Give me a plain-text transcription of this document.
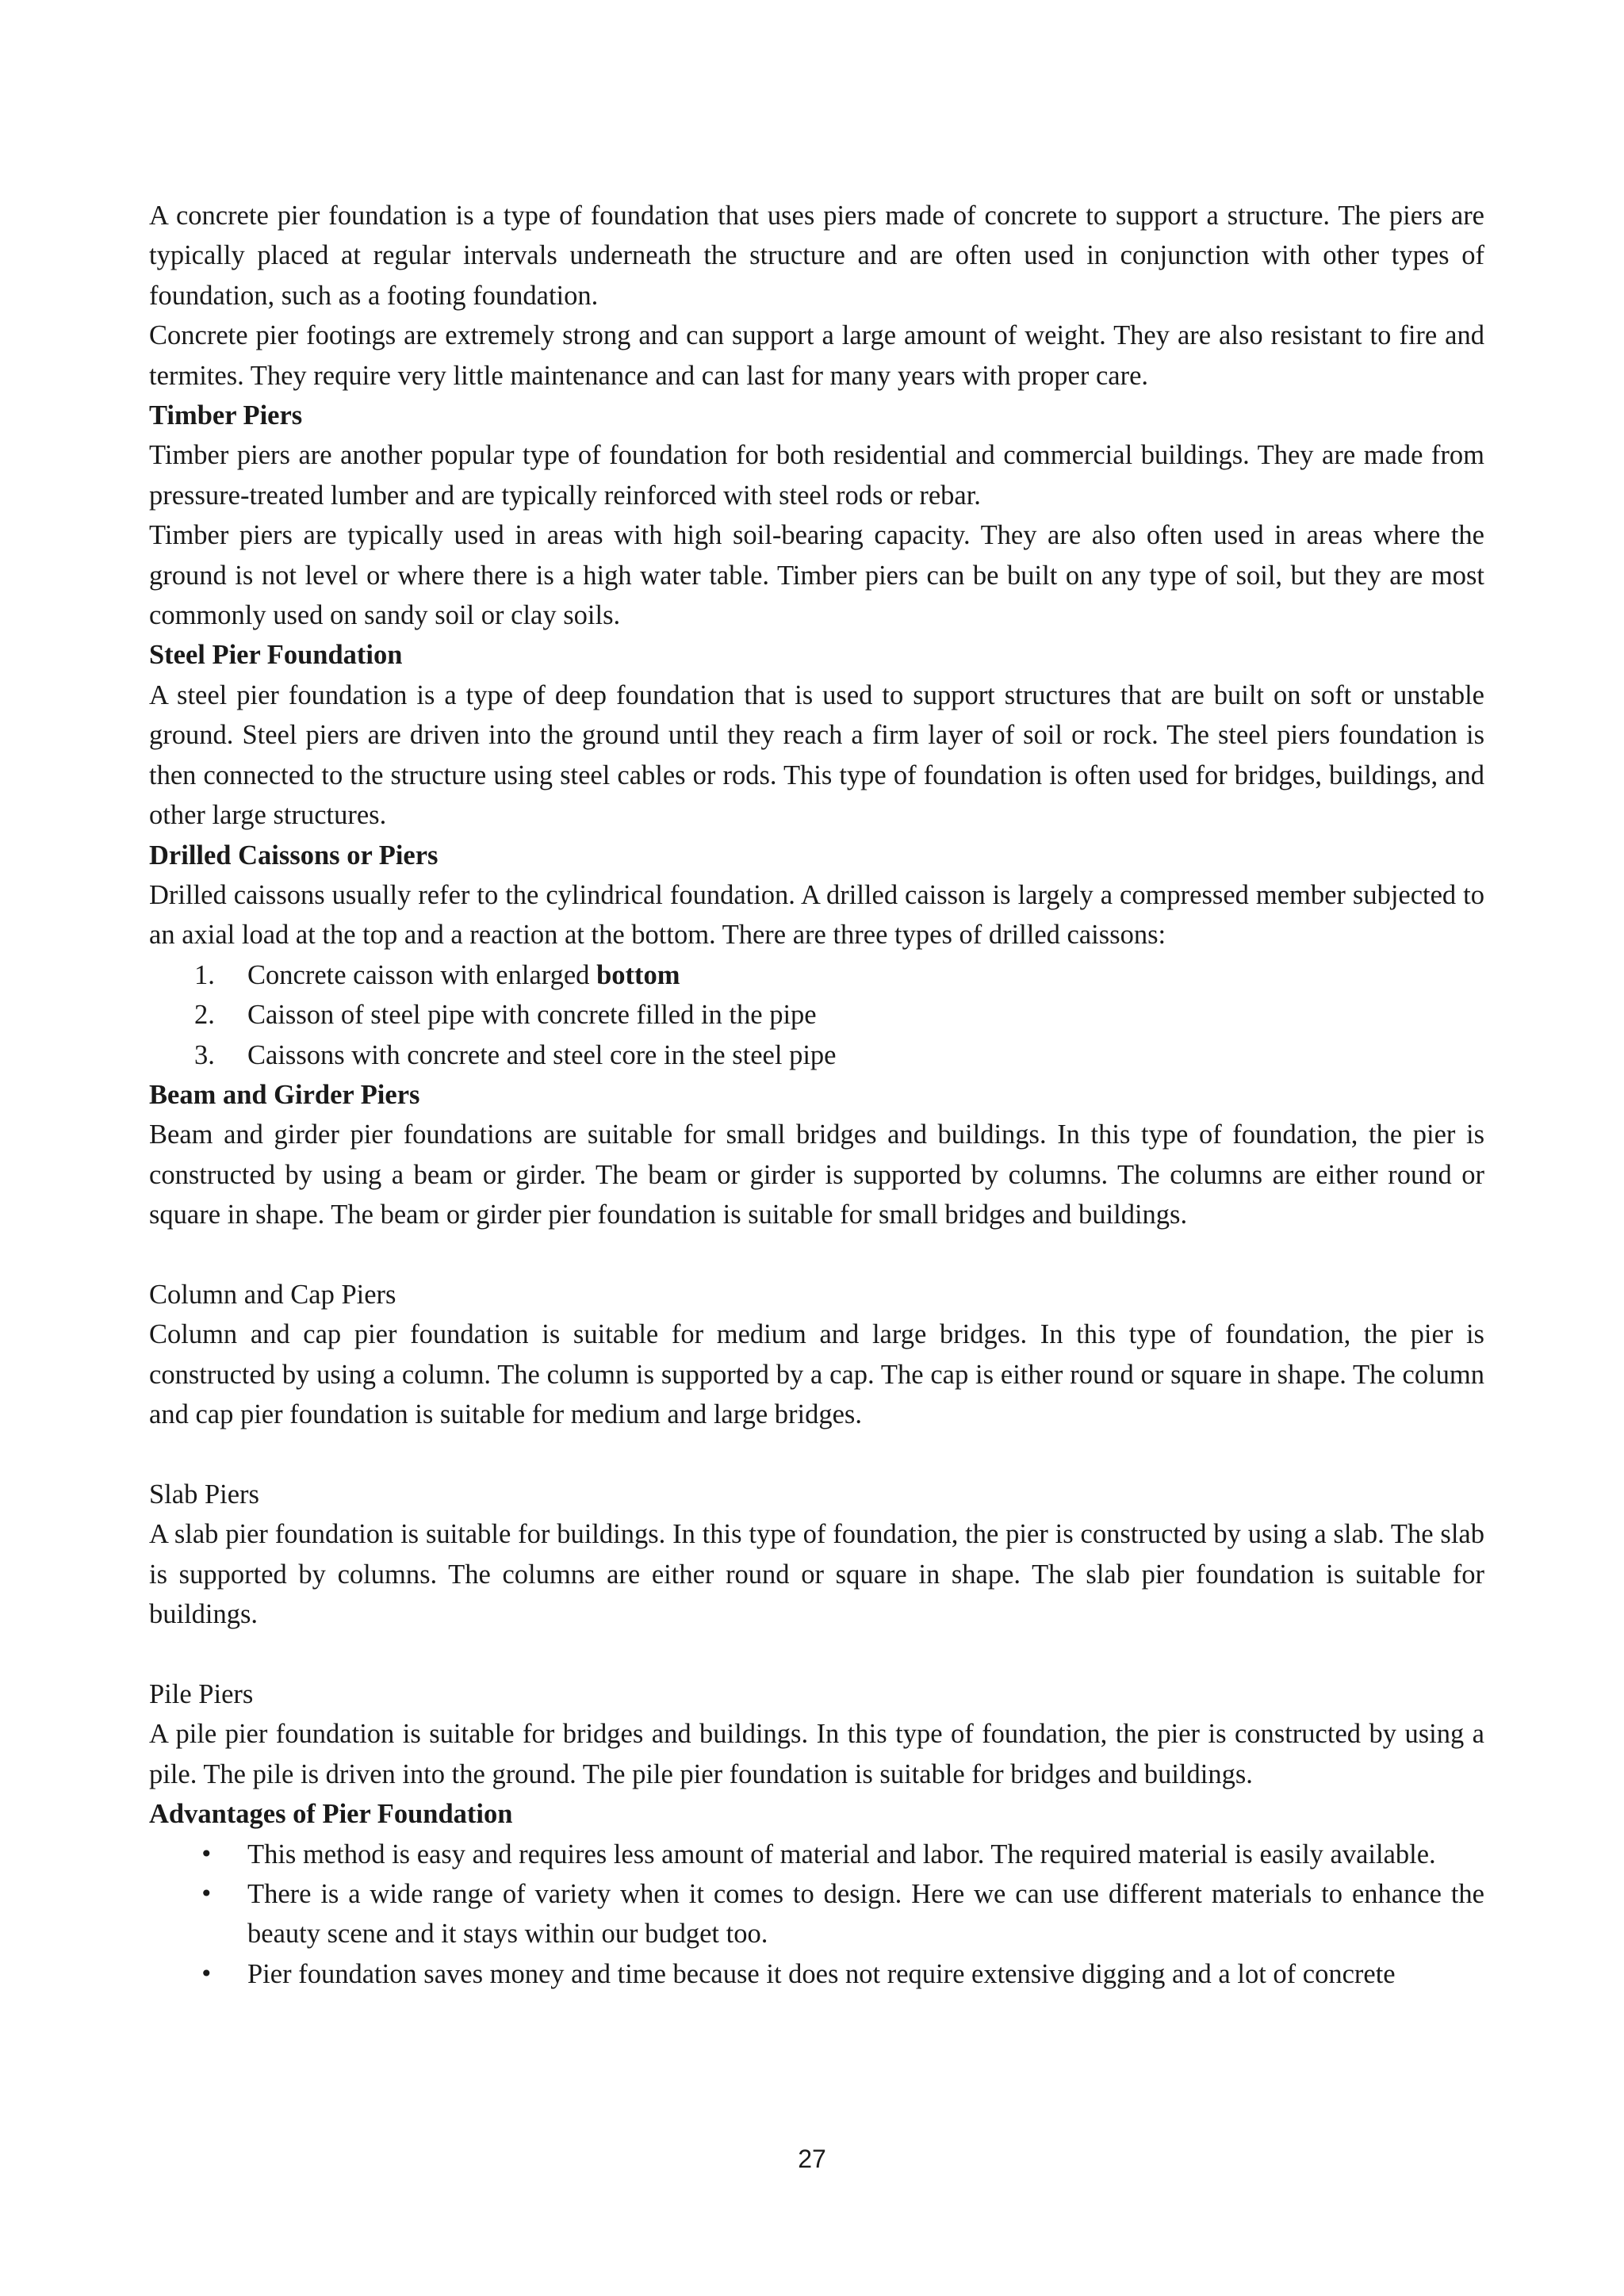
A concrete pier foundation is a type of foundation that uses piers made of concrete to support a structure. The piers are typically placed at regular intervals underneath the structure and are often used in conjunction with other types of foundation, such as a footing foundation.

Concrete pier footings are extremely strong and can support a large amount of weight. They are also resistant to fire and termites. They require very little maintenance and can last for many years with proper care.

Timber Piers

Timber piers are another popular type of foundation for both residential and commercial buildings. They are made from pressure-treated lumber and are typically reinforced with steel rods or rebar.

Timber piers are typically used in areas with high soil-bearing capacity. They are also often used in areas where the ground is not level or where there is a high water table. Timber piers can be built on any type of soil, but they are most commonly used on sandy soil or clay soils.

Steel Pier Foundation

A steel pier foundation is a type of deep foundation that is used to support structures that are built on soft or unstable ground. Steel piers are driven into the ground until they reach a firm layer of soil or rock. The steel piers foundation is then connected to the structure using steel cables or rods. This type of foundation is often used for bridges, buildings, and other large structures.

Drilled Caissons or Piers

Drilled caissons usually refer to the cylindrical foundation. A drilled caisson is largely a compressed member subjected to an axial load at the top and a reaction at the bottom. There are three types of drilled caissons:

1.	Concrete caisson with enlarged bottom
2.	Caisson of steel pipe with concrete filled in the pipe
3.	Caissons with concrete and steel core in the steel pipe
Beam and Girder Piers

Beam and girder pier foundations are suitable for small bridges and buildings. In this type of foundation, the pier is constructed by using a beam or girder. The beam or girder is supported by columns. The columns are either round or square in shape. The beam or girder pier foundation is suitable for small bridges and buildings.

Column and Cap Piers

Column and cap pier foundation is suitable for medium and large bridges. In this type of foundation, the pier is constructed by using a column. The column is supported by a cap. The cap is either round or square in shape. The column and cap pier foundation is suitable for medium and large bridges.

Slab Piers

A slab pier foundation is suitable for buildings. In this type of foundation, the pier is constructed by using a slab. The slab is supported by columns. The columns are either round or square in shape. The slab pier foundation is suitable for buildings.

Pile Piers

A pile pier foundation is suitable for bridges and buildings. In this type of foundation, the pier is constructed by using a pile. The pile is driven into the ground. The pile pier foundation is suitable for bridges and buildings.

Advantages of Pier Foundation
• This method is easy and requires less amount of material and labor. The required material is easily available.
• There is a wide range of variety when it comes to design. Here we can use different materials to enhance the beauty scene and it stays within our budget too.
• Pier foundation saves money and time because it does not require extensive digging and a lot of concrete
27
